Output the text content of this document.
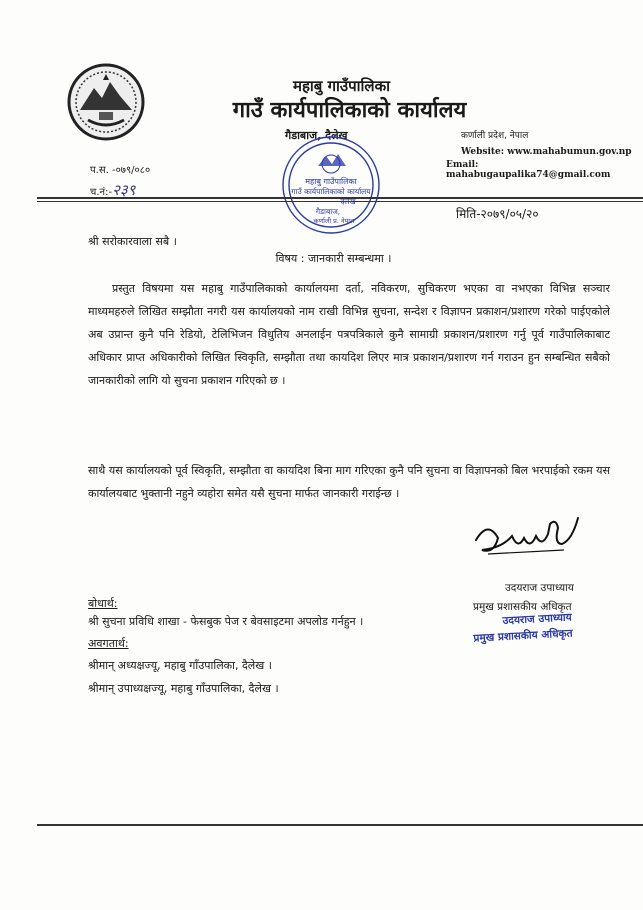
महाबु गाउँपालिका
गाउँ कार्यपालिकाको कार्यालय
गैडाबाज, दैलेख	कर्णाली प्रदेश, नेपाल
Website: www.mahabumun.gov.np
Email: mahabugaupalika74@gmail.com
महाबु गाउँपालिका
गाउँ कार्यपालिकाको कार्यालय
दैलेख
गैडाबाज,
कर्णाली प्र. नेपाल
प.स. -०७९/०८०
च.नं:-२३९
मिति-२०७९/०५/२०
श्री सरोकारवाला सबै ।
विषय : जानकारी सम्बन्धमा ।
प्रस्तुत विषयमा यस महाबु गाउँपालिकाको कार्यालयमा दर्ता, नविकरण, सुचिकरण भएका वा नभएका विभिन्न सञ्चार माध्यमहरुले लिखित सम्झौता नगरी यस कार्यालयको नाम राखी विभिन्न सुचना, सन्देश र विज्ञापन प्रकाशन/प्रशारण गरेको पाईएकोले अब उप्रान्त कुनै पनि रेडियो, टेलिभिजन विधुतिय अनलाईन पत्रपत्रिकाले कुनै सामाग्री प्रकाशन/प्रशारण गर्नु पूर्व गाउँपालिकाबाट अधिकार प्राप्त अधिकारीको लिखित स्विकृति, सम्झौता तथा कायदिश लिएर मात्र प्रकाशन/प्रशारण गर्न गराउन हुन सम्बन्धित सबैको जानकारीको लागि यो सुचना प्रकाशन गरिएको छ ।
साथै यस कार्यालयको पूर्व स्विकृति, सम्झौता वा कायदिश बिना माग गरिएका कुनै पनि सुचना वा विज्ञापनको बिल भरपाईको रकम यस कार्यालयबाट भुक्तानी नहुने व्यहोरा समेत यसै सुचना मार्फत जानकारी गराईन्छ ।
उदयराज उपाध्याय
प्रमुख प्रशासकीय अधिकृत
उदयराज उपाध्याय
प्रमुख प्रशासकीय अधिकृत
बोधार्थ:
श्री सुचना प्रविधि शाखा - फेसबुक पेज र बेवसाइटमा अपलोड गर्नहुन ।
अवगतार्थ:
श्रीमान् अध्यक्षज्यू, महाबु गाँउपालिका, दैलेख ।
श्रीमान् उपाध्यक्षज्यू, महाबु गाँउपालिका, दैलेख ।
